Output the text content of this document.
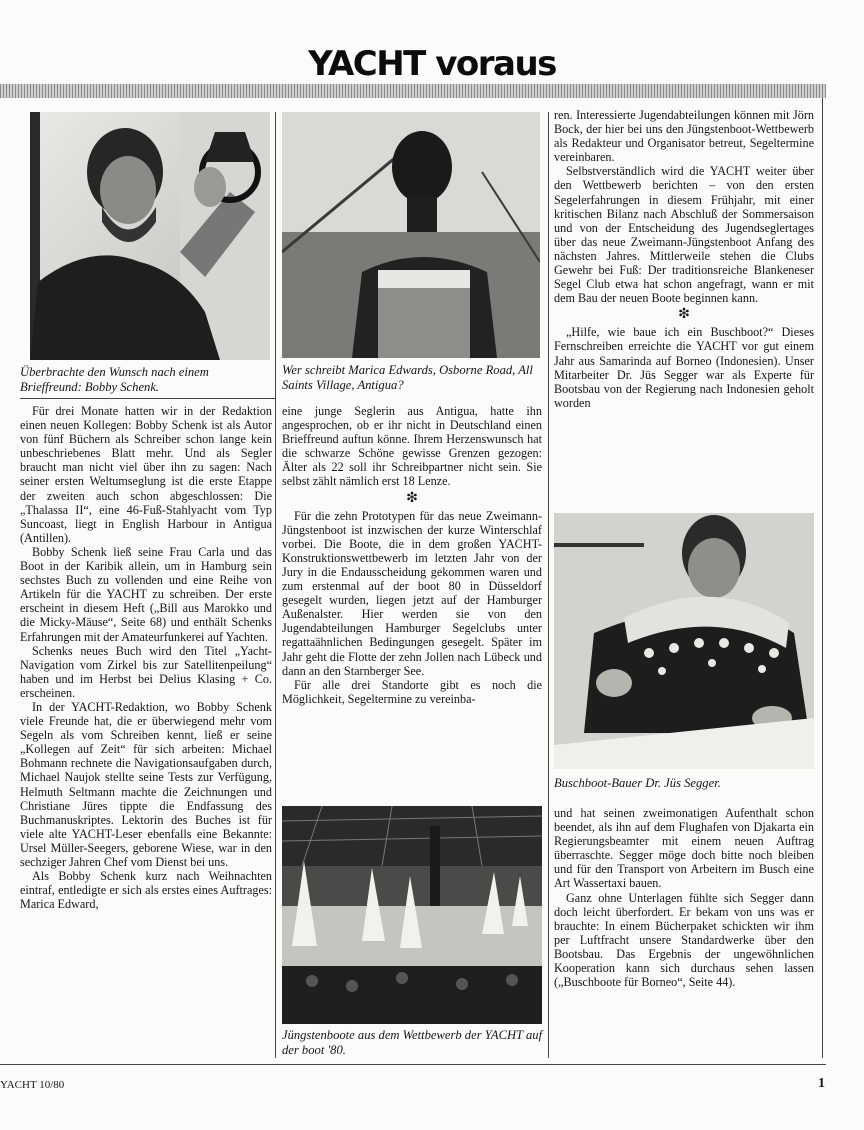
YACHT voraus
Überbrachte den Wunsch nach einem Brieffreund: Bobby Schenk.
Wer schreibt Marica Edwards, Osborne Road, All Saints Village, Antigua?
Buschboot-Bauer Dr. Jüs Segger.
Jüngstenboote aus dem Wettbewerb der YACHT auf der boot '80.

Für drei Monate hatten wir in der Redaktion einen neuen Kollegen: Bobby Schenk ist als Autor von fünf Büchern als Schreiber schon lange kein unbeschriebenes Blatt mehr. Und als Segler braucht man nicht viel über ihn zu sagen: Nach seiner ersten Weltumseglung ist die erste Etappe der zweiten auch schon abgeschlossen: Die „Thalassa II“, eine 46-Fuß-Stahlyacht vom Typ Suncoast, liegt in English Harbour in Antigua (Antillen).

Bobby Schenk ließ seine Frau Carla und das Boot in der Karibik allein, um in Hamburg sein sechstes Buch zu vollenden und eine Reihe von Artikeln für die YACHT zu schreiben. Der erste erscheint in diesem Heft („Bill aus Marokko und die Micky-Mäuse“, Seite 68) und enthält Schenks Erfahrungen mit der Amateurfunkerei auf Yachten.

Schenks neues Buch wird den Titel „Yacht-Navigation vom Zirkel bis zur Satellitenpeilung“ haben und im Herbst bei Delius Klasing + Co. erscheinen.

In der YACHT-Redaktion, wo Bobby Schenk viele Freunde hat, die er überwiegend mehr vom Segeln als vom Schreiben kennt, ließ er seine „Kollegen auf Zeit“ für sich arbeiten: Michael Bohmann rechnete die Navigationsaufgaben durch, Michael Naujok stellte seine Tests zur Verfügung, Helmuth Seltmann machte die Zeichnungen und Christiane Jüres tippte die Endfassung des Buchmanuskriptes. Lektorin des Buches ist für viele alte YACHT-Leser ebenfalls eine Bekannte: Ursel Müller-Seegers, geborene Wiese, war in den sechziger Jahren Chef vom Dienst bei uns.

Als Bobby Schenk kurz nach Weihnachten eintraf, entledigte er sich als erstes eines Auftrages: Marica Edward,

eine junge Seglerin aus Antigua, hatte ihn angesprochen, ob er ihr nicht in Deutschland einen Brieffreund auftun könne. Ihrem Herzenswunsch hat die schwarze Schöne gewisse Grenzen gezogen: Älter als 22 soll ihr Schreibpartner nicht sein. Sie selbst zählt nämlich erst 18 Lenze.

❇

Für die zehn Prototypen für das neue Zweimann-Jüngstenboot ist inzwischen der kurze Winterschlaf vorbei. Die Boote, die in dem großen YACHT-Konstruktionswettbewerb im letzten Jahr von der Jury in die Endausscheidung gekommen waren und zum erstenmal auf der boot 80 in Düsseldorf gesegelt wurden, liegen jetzt auf der Hamburger Außenalster. Hier werden sie von den Jugendabteilungen Hamburger Segelclubs unter regattaähnlichen Bedingungen gesegelt. Später im Jahr geht die Flotte der zehn Jollen nach Lübeck und dann an den Starnberger See.

Für alle drei Standorte gibt es noch die Möglichkeit, Segeltermine zu vereinba-

ren. Interessierte Jugendabteilungen können mit Jörn Bock, der hier bei uns den Jüngstenboot-Wettbewerb als Redakteur und Organisator betreut, Segeltermine vereinbaren.

Selbstverständlich wird die YACHT weiter über den Wettbewerb berichten – von den ersten Segelerfahrungen in diesem Frühjahr, mit einer kritischen Bilanz nach Abschluß der Sommersaison und von der Entscheidung des Jugendseglertages über das neue Zweimann-Jüngstenboot Anfang des nächsten Jahres. Mittlerweile stehen die Clubs Gewehr bei Fuß: Der traditionsreiche Blankeneser Segel Club etwa hat schon angefragt, wann er mit dem Bau der neuen Boote beginnen kann.

❇

„Hilfe, wie baue ich ein Buschboot?“ Dieses Fernschreiben erreichte die YACHT vor gut einem Jahr aus Samarinda auf Borneo (Indonesien). Unser Mitarbeiter Dr. Jüs Segger war als Experte für Bootsbau von der Regierung nach Indonesien geholt worden

und hat seinen zweimonatigen Aufenthalt schon beendet, als ihn auf dem Flughafen von Djakarta ein Regierungsbeamter mit einem neuen Auftrag überraschte. Segger möge doch bitte noch bleiben und für den Transport von Arbeitern im Busch eine Art Wassertaxi bauen.

Ganz ohne Unterlagen fühlte sich Segger dann doch leicht überfordert. Er bekam von uns was er brauchte: In einem Bücherpaket schickten wir ihm per Luftfracht unsere Standardwerke über den Bootsbau. Das Ergebnis der ungewöhnlichen Kooperation kann sich durchaus sehen lassen („Buschboote für Borneo“, Seite 44).

YACHT 10/80	1
